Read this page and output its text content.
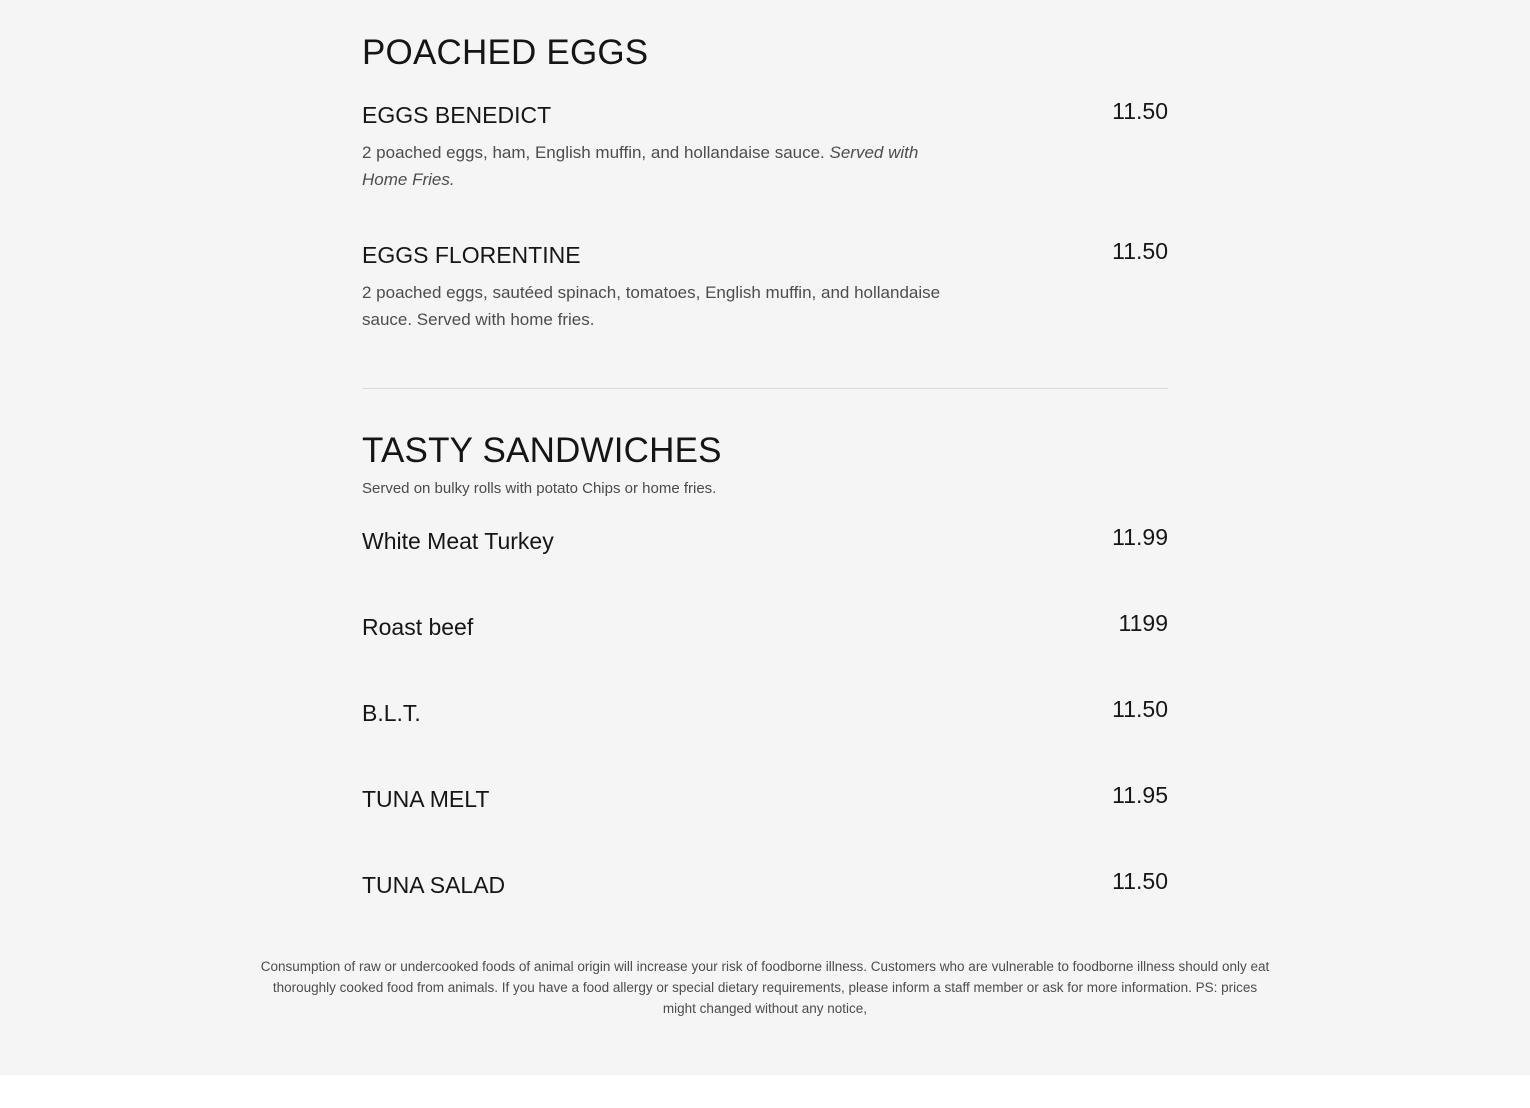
POACHED EGGS
EGGS BENEDICT	11.50

2 poached eggs, ham, English muffin, and hollandaise sauce. Served with Home Fries.

EGGS FLORENTINE	11.50

2 poached eggs, sautéed spinach, tomatoes, English muffin, and hollandaise sauce. Served with home fries.

TASTY SANDWICHES

Served on bulky rolls with potato Chips or home fries.

White Meat Turkey	11.99
Roast beef	1199
B.L.T.	11.50
TUNA MELT	11.95
TUNA SALAD	11.50

Consumption of raw or undercooked foods of animal origin will increase your risk of foodborne illness. Customers who are vulnerable to foodborne illness should only eat thoroughly cooked food from animals. If you have a food allergy or special dietary requirements, please inform a staff member or ask for more information. PS: prices might changed without any notice,
